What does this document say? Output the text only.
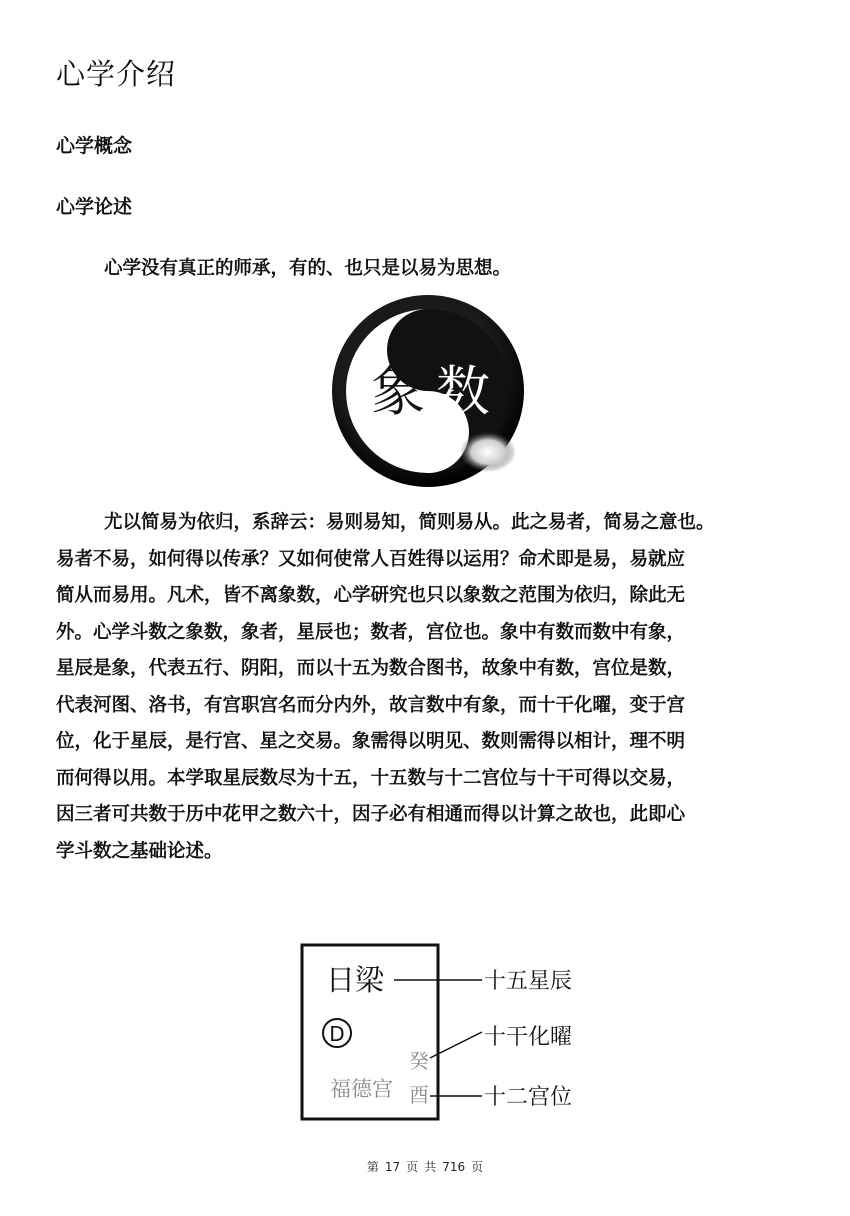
心学介绍
心学概念
心学论述
心学没有真正的师承，有的、也只是以易为思想。
象 数
尤以简易为依归，系辞云：易则易知，简则易从。此之易者，简易之意也。
易者不易，如何得以传承？又如何使常人百姓得以运用？命术即是易，易就应
简从而易用。凡术，皆不离象数，心学研究也只以象数之范围为依归，除此无
外。心学斗数之象数，象者，星辰也；数者，宫位也。象中有数而数中有象，
星辰是象，代表五行、阴阳，而以十五为数合图书，故象中有数，宫位是数，
代表河图、洛书，有宫职宫名而分内外，故言数中有象，而十干化曜，变于宫
位，化于星辰，是行宫、星之交易。象需得以明见、数则需得以相计，理不明
而何得以用。本学取星辰数尽为十五，十五数与十二宫位与十干可得以交易，
因三者可共数于历中花甲之数六十，因子必有相通而得以计算之故也，此即心
学斗数之基础论述。
日梁
D
福德宫
癸
酉
十五星辰
十干化曜
十二宫位
第 17 页 共 716 页
